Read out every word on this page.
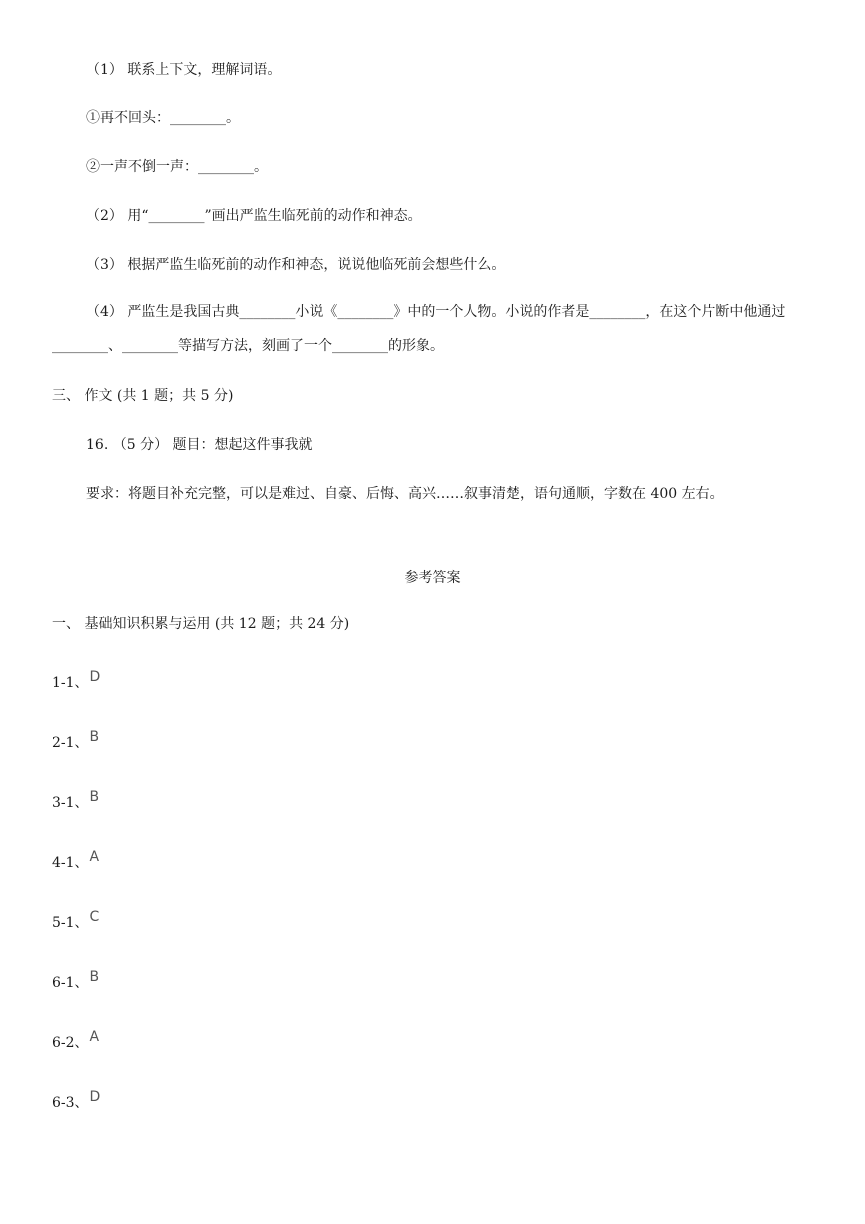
（1） 联系上下文，理解词语。
①再不回头：________。
②一声不倒一声：________。
（2） 用“________”画出严监生临死前的动作和神态。
（3） 根据严监生临死前的动作和神态，说说他临死前会想些什么。
（4） 严监生是我国古典________小说《________》中的一个人物。小说的作者是________，在这个片断中他通过________、________等描写方法，刻画了一个________的形象。
三、 作文 (共 1 题；共 5 分)
16. （5 分） 题目：想起这件事我就
要求：将题目补充完整，可以是难过、自豪、后悔、高兴……叙事清楚，语句通顺，字数在 400 左右。
参考答案
一、 基础知识积累与运用 (共 12 题；共 24 分)
1-1、D
2-1、B
3-1、B
4-1、A
5-1、C
6-1、B
6-2、A
6-3、D
